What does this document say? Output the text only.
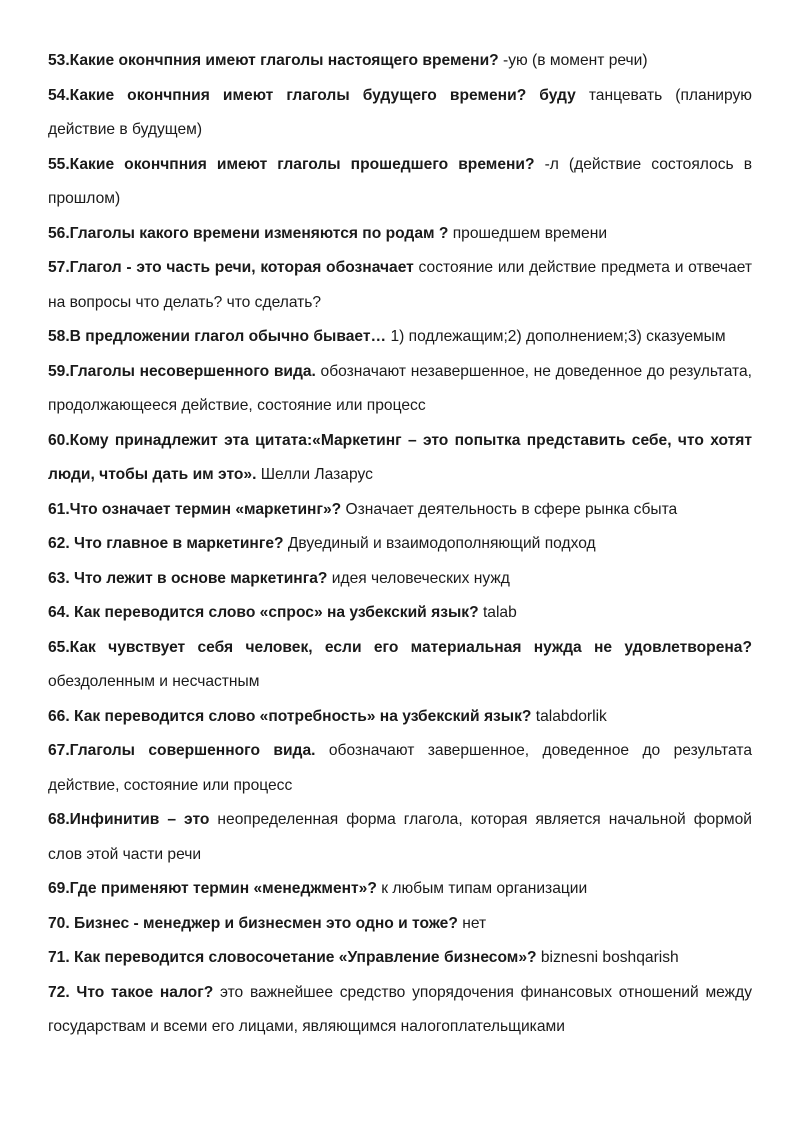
53.Какие окончпния имеют глаголы настоящего времени? -ую (в момент речи)

54.Какие окончпния имеют глаголы будущего времени? буду танцевать (планирую действие в будущем)

55.Какие окончпния имеют глаголы прошедшего времени? -л (действие состоялось в прошлом)

56.Глаголы какого времени изменяются по родам ? прошедшем времени

57.Глагол - это часть речи, которая обозначает состояние или действие предмета и отвечает на вопросы что делать? что сделать?

58.В предложении глагол обычно бывает… 1) подлежащим;2) дополнением;3) сказуемым

59.Глаголы несовершенного вида. обозначают незавершенное, не доведенное до результата, продолжающееся действие, состояние или процесс

60.Кому принадлежит эта цитата:«Маркетинг – это попытка представить себе, что хотят люди, чтобы дать им это». Шелли Лазарус

61.Что означает термин «маркетинг»? Означает деятельность в сфере рынка сбыта

62. Что главное в маркетинге? Двуединый и взаимодополняющий подход

63. Что лежит в основе маркетинга? идея человеческих нужд

64. Как переводится слово «спрос» на узбекский язык? talab

65.Как чувствует себя человек, если его материальная нужда не удовлетворена? обездоленным и несчастным

66. Как переводится слово «потребность» на узбекский язык? talabdorlik

67.Глаголы совершенного вида. обозначают завершенное, доведенное до результата действие, состояние или процесс

68.Инфинитив – это неопределенная форма глагола, которая является начальной формой слов этой части речи

69.Где применяют термин «менеджмент»? к любым типам организации

70. Бизнес - менеджер и бизнесмен это одно и тоже? нет

71. Как переводится словосочетание «Управление бизнесом»? biznesni boshqarish

72. Что такое налог? это важнейшее средство упорядочения финансовых отношений между государствам и всеми его лицами, являющимся налогоплательщиками
